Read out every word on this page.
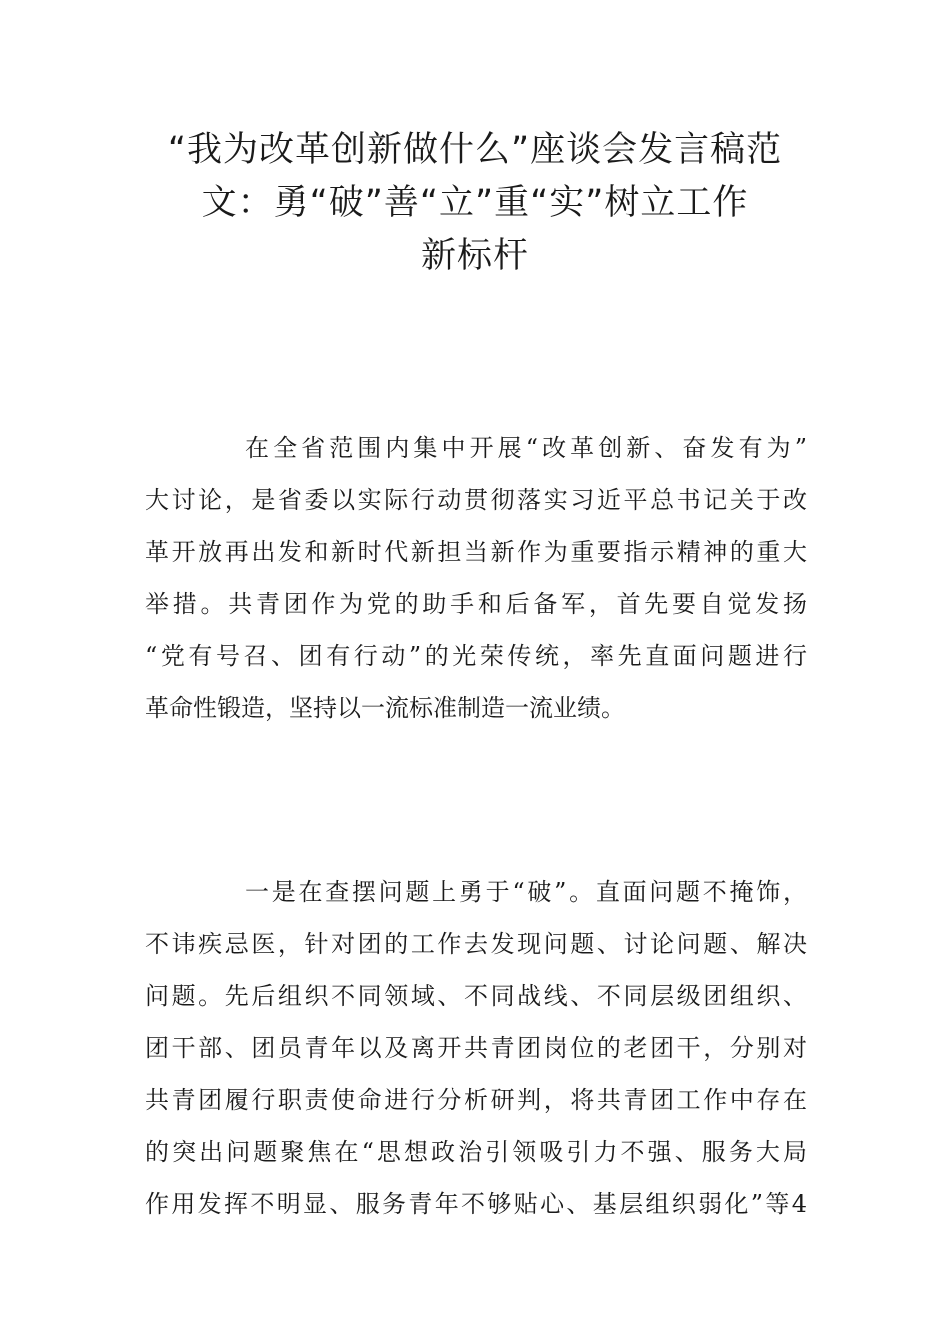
“我为改革创新做什么”座谈会发言稿范
文：勇“破”善“立”重“实”树立工作
新标杆
在全省范围内集中开展“改革创新、奋发有为”
大讨论，是省委以实际行动贯彻落实习近平总书记关于改
革开放再出发和新时代新担当新作为重要指示精神的重大
举措。共青团作为党的助手和后备军，首先要自觉发扬
“党有号召、团有行动”的光荣传统，率先直面问题进行
革命性锻造，坚持以一流标准制造一流业绩。
一是在查摆问题上勇于“破”。直面问题不掩饰，
不讳疾忌医，针对团的工作去发现问题、讨论问题、解决
问题。先后组织不同领域、不同战线、不同层级团组织、
团干部、团员青年以及离开共青团岗位的老团干，分别对
共青团履行职责使命进行分析研判，将共青团工作中存在
的突出问题聚焦在“思想政治引领吸引力不强、服务大局
作用发挥不明显、服务青年不够贴心、基层组织弱化”等4
